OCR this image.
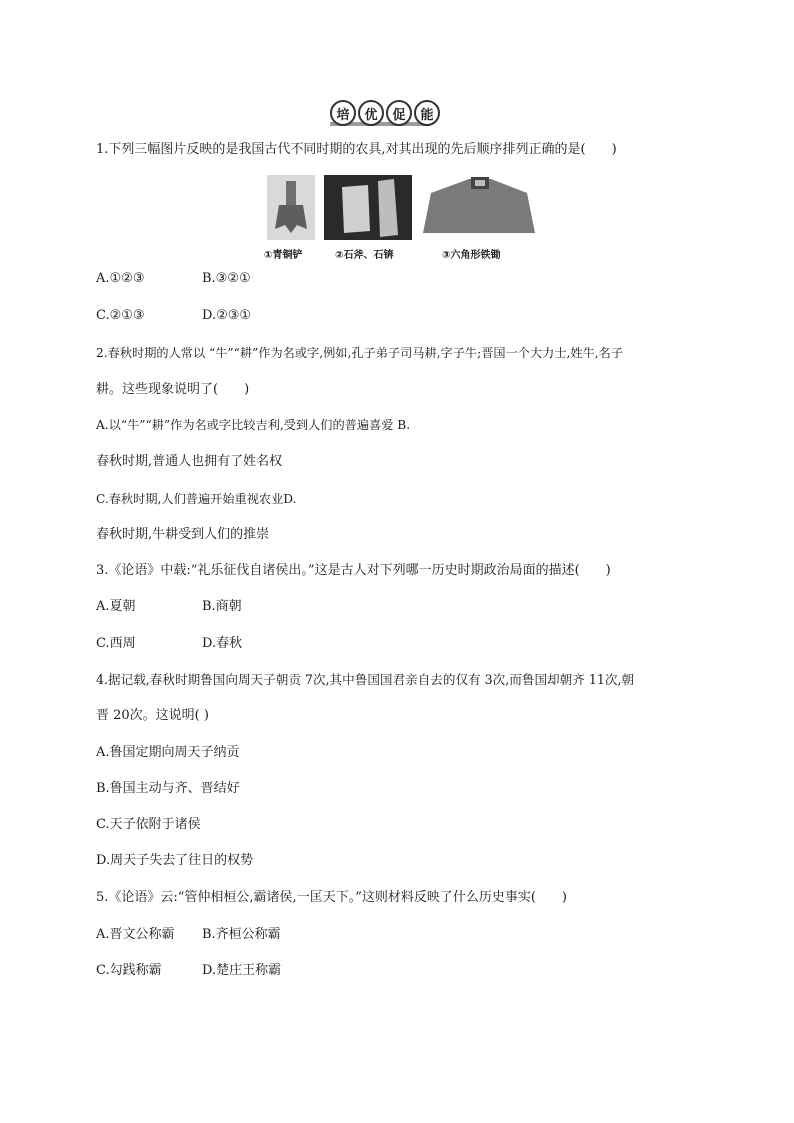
培	优	促	能
1.下列三幅图片反映的是我国古代不同时期的农具,对其出现的先后顺序排列正确的是(　　)
①青铜铲	②石斧、石锛	③六角形铁锄
A.①②③	B.③②①
C.②①③	D.②③①
2.春秋时期的人常以 “牛”“耕”作为名或字,例如,孔子弟子司马耕,字子牛;晋国一个大力士,姓牛,名子
耕。这些现象说明了(　　)
A.以“牛”“耕”作为名或字比较吉利,受到人们的普遍喜爱 B.
春秋时期,普通人也拥有了姓名权
C.春秋时期,人们普遍开始重视农业D.
春秋时期,牛耕受到人们的推崇
3.《论语》中载:“礼乐征伐自诸侯出。”这是古人对下列哪一历史时期政治局面的描述(　　)
A.夏朝	B.商朝
C.西周	D.春秋
4.据记载,春秋时期鲁国向周天子朝贡 7次,其中鲁国国君亲自去的仅有 3次,而鲁国却朝齐 11次,朝
晋 20次。这说明( )
A.鲁国定期向周天子纳贡
B.鲁国主动与齐、晋结好
C.天子依附于诸侯
D.周天子失去了往日的权势
5.《论语》云:“管仲相桓公,霸诸侯,一匡天下。”这则材料反映了什么历史事实(　　)
A.晋文公称霸 B.齐桓公称霸
C.勾践称霸	D.楚庄王称霸
